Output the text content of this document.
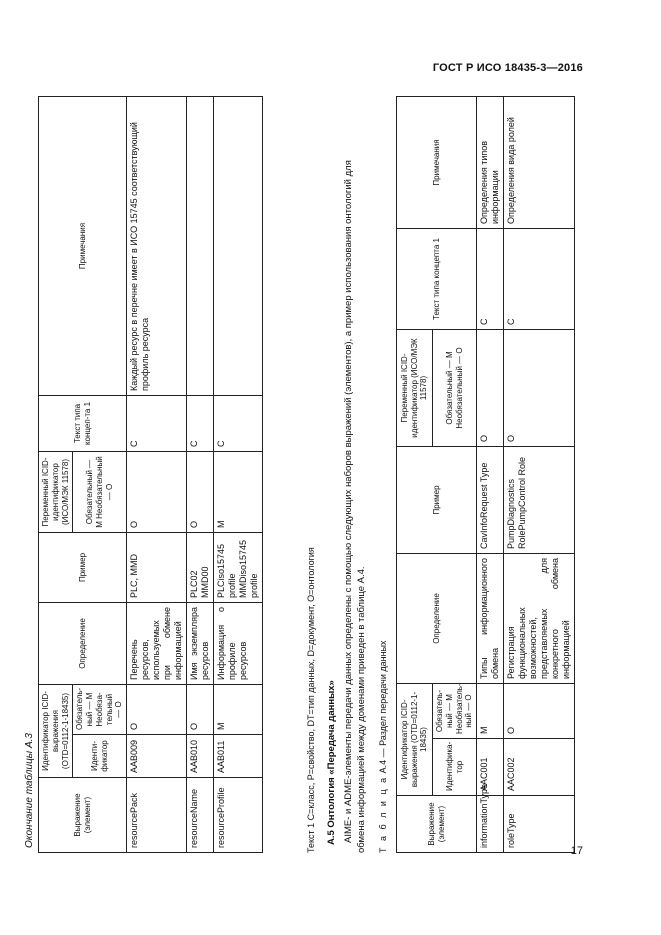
ГОСТ Р ИСО 18435-3—2016
Окончание таблицы А.3	Выражение (элемент)	Идентификатор ICID-выражения (OTD=0112-1-18435)		Определение	Пример	Переменный ICID-идентификатор (ИСО/МЭК 11578)	Текст типа концеп-та 1	Примечания
	Иденти-фикатор	Обязатель-ный — M Необяза-тельный — O			Обязательный — M Необязательный — O		
resourcePack	AAB009	O	Перечень ресурсов, используемых при обмене информацией	PLC, MMD	O	C	Каждый ресурс в перечне имеет в ИСО 15745 соответствующий профиль ресурса
resourceName	AAB010	O	Имя экземпляра ресурсов	PLC02 MMD00	O	C	
resourceProfile	AAB011	M	Информация о профиле ресурсов	PLCiso15745 profile MMDiso15745 profile	M	C	
Текст 1 C=класс, P=свойство, DT=тип данных, D=документ, O=онтология А.5 Онтология «Передача данных» AIME- и ADME-элементы передачи данных определены с помощью следующих наборов выражений (элементов), а пример использования онтологий для обмена информацией между доменами приведен в таблице А.4. Т а б л и ц а А.4 — Раздел передачи данных
Выражение (элемент)	Идентификатор ICID-выражения (OTD=0112-1-18435)		Определение	Пример	Переменный ICID-идентификатор (ИСО/МЭК 11578)	Текст типа концепта 1	Примечания
	Идентифика-тор	Обязатель-ный — M Необязатель-ный — O			Обязательный — M Необязательный — O		
informationType	AAC001	M	Типы информационного обмена	CavInfoRequest Type	O	C	Определения типов информации
roleType	AAC002	O	Регистрация функциональных возможностей, представляемых для конкретного обмена информацией	PumpDiagnostics RolePumpControl Role	O	C	Определения вида ролей
17
